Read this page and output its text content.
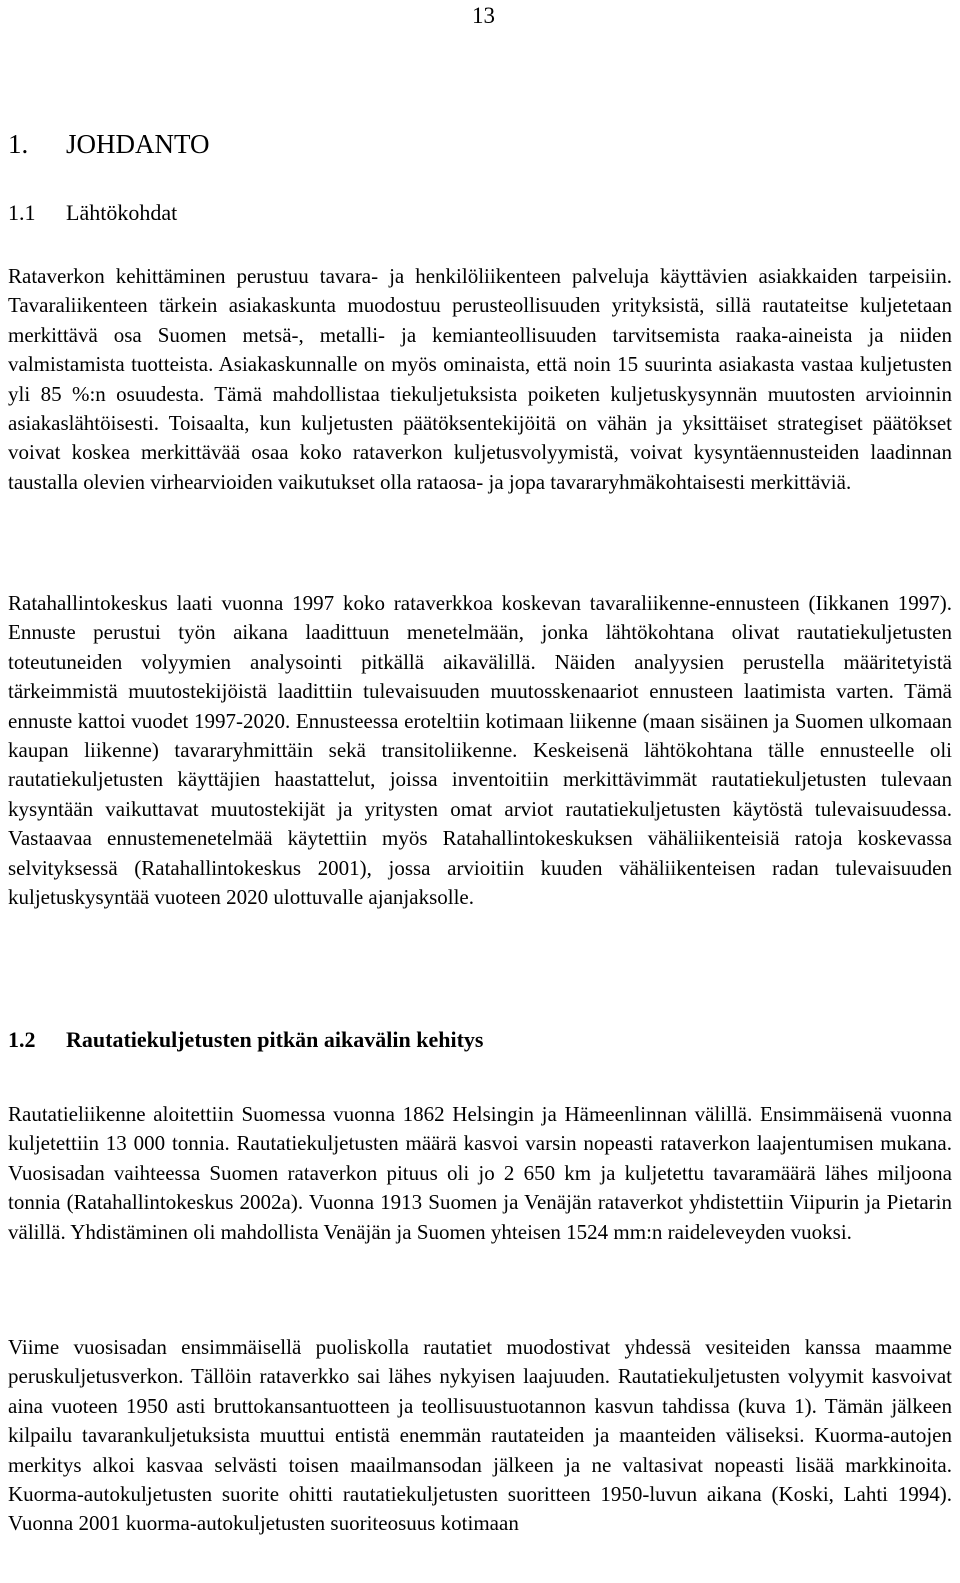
13
1. JOHDANTO
1.1 Lähtökohdat

Rataverkon kehittäminen perustuu tavara- ja henkilöliikenteen palveluja käyttävien asiakkaiden tarpeisiin. Tavaraliikenteen tärkein asiakaskunta muodostuu perusteollisuuden yrityksistä, sillä rautateitse kuljetetaan merkittävä osa Suomen metsä-, metalli- ja kemianteollisuuden tarvitsemista raaka-aineista ja niiden valmistamista tuotteista. Asiakaskunnalle on myös ominaista, että noin 15 suurinta asiakasta vastaa kuljetusten yli 85 %:n osuudesta. Tämä mahdollistaa tiekuljetuksista poiketen kuljetuskysynnän muutosten arvioinnin asiakaslähtöisesti. Toisaalta, kun kuljetusten päätöksentekijöitä on vähän ja yksittäiset strategiset päätökset voivat koskea merkittävää osaa koko rataverkon kuljetusvolyymistä, voivat kysyntäennusteiden laadinnan taustalla olevien virhearvioiden vaikutukset olla rataosa- ja jopa tavararyhmäkohtaisesti merkittäviä.

Ratahallintokeskus laati vuonna 1997 koko rataverkkoa koskevan tavaraliikenne-ennusteen (Iikkanen 1997). Ennuste perustui työn aikana laadittuun menetelmään, jonka lähtökohtana olivat rautatiekuljetusten toteutuneiden volyymien analysointi pitkällä aikavälillä. Näiden analyysien perustella määritetyistä tärkeimmistä muutostekijöistä laadittiin tulevaisuuden muutosskenaariot ennusteen laatimista varten. Tämä ennuste kattoi vuodet 1997-2020. Ennusteessa eroteltiin kotimaan liikenne (maan sisäinen ja Suomen ulkomaan kaupan liikenne) tavararyhmittäin sekä transitoliikenne. Keskeisenä lähtökohtana tälle ennusteelle oli rautatiekuljetusten käyttäjien haastattelut, joissa inventoitiin merkittävimmät rautatiekuljetusten tulevaan kysyntään vaikuttavat muutostekijät ja yritysten omat arviot rautatiekuljetusten käytöstä tulevaisuudessa. Vastaavaa ennustemenetelmää käytettiin myös Ratahallintokeskuksen vähäliikenteisiä ratoja koskevassa selvityksessä (Ratahallintokeskus 2001), jossa arvioitiin kuuden vähäliikenteisen radan tulevaisuuden kuljetuskysyntää vuoteen 2020 ulottuvalle ajanjaksolle.

1.2 Rautatiekuljetusten pitkän aikavälin kehitys

Rautatieliikenne aloitettiin Suomessa vuonna 1862 Helsingin ja Hämeenlinnan välillä. Ensimmäisenä vuonna kuljetettiin 13 000 tonnia. Rautatiekuljetusten määrä kasvoi varsin nopeasti rataverkon laajentumisen mukana. Vuosisadan vaihteessa Suomen rataverkon pituus oli jo 2 650 km ja kuljetettu tavaramäärä lähes miljoona tonnia (Ratahallintokeskus 2002a). Vuonna 1913 Suomen ja Venäjän rataverkot yhdistettiin Viipurin ja Pietarin välillä. Yhdistäminen oli mahdollista Venäjän ja Suomen yhteisen 1524 mm:n raideleveyden vuoksi.

Viime vuosisadan ensimmäisellä puoliskolla rautatiet muodostivat yhdessä vesiteiden kanssa maamme peruskuljetusverkon. Tällöin rataverkko sai lähes nykyisen laajuuden. Rautatiekuljetusten volyymit kasvoivat aina vuoteen 1950 asti bruttokansantuotteen ja teollisuustuotannon kasvun tahdissa (kuva 1). Tämän jälkeen kilpailu tavarankuljetuksista muuttui entistä enemmän rautateiden ja maanteiden väliseksi. Kuorma-autojen merkitys alkoi kasvaa selvästi toisen maailmansodan jälkeen ja ne valtasivat nopeasti lisää markkinoita. Kuorma-autokuljetusten suorite ohitti rautatiekuljetusten suoritteen 1950-luvun aikana (Koski, Lahti 1994). Vuonna 2001 kuorma-autokuljetusten suoriteosuus kotimaan
